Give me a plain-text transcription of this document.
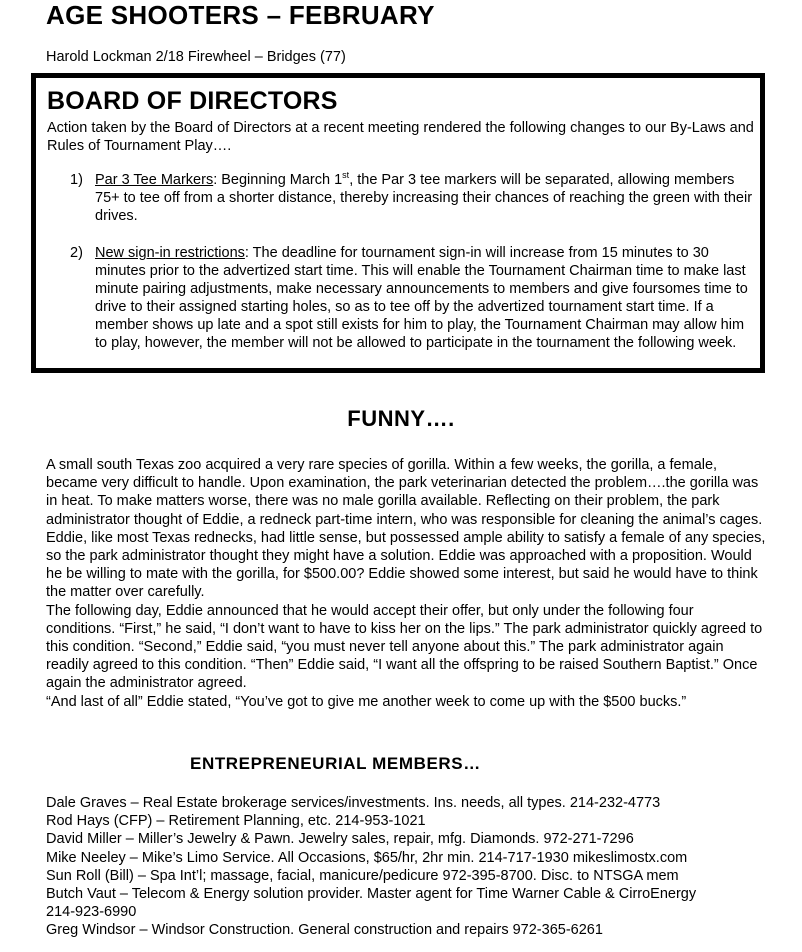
AGE SHOOTERS – FEBRUARY
Harold Lockman 2/18 Firewheel – Bridges (77)
BOARD OF DIRECTORS
Action taken by the Board of Directors at a recent meeting rendered the following changes to our By-Laws and Rules of Tournament Play….
1) Par 3 Tee Markers: Beginning March 1st, the Par 3 tee markers will be separated, allowing members 75+ to tee off from a shorter distance, thereby increasing their chances of reaching the green with their drives.
2) New sign-in restrictions: The deadline for tournament sign-in will increase from 15 minutes to 30 minutes prior to the advertized start time. This will enable the Tournament Chairman time to make last minute pairing adjustments, make necessary announcements to members and give foursomes time to drive to their assigned starting holes, so as to tee off by the advertized tournament start time. If a member shows up late and a spot still exists for him to play, the Tournament Chairman may allow him to play, however, the member will not be allowed to participate in the tournament the following week.
FUNNY….

A small south Texas zoo acquired a very rare species of gorilla. Within a few weeks, the gorilla, a female, became very difficult to handle. Upon examination, the park veterinarian detected the problem….the gorilla was in heat. To make matters worse, there was no male gorilla available. Reflecting on their problem, the park administrator thought of Eddie, a redneck part-time intern, who was responsible for cleaning the animal’s cages. Eddie, like most Texas rednecks, had little sense, but possessed ample ability to satisfy a female of any species, so the park administrator thought they might have a solution. Eddie was approached with a proposition. Would he be willing to mate with the gorilla, for $500.00? Eddie showed some interest, but said he would have to think the matter over carefully.

The following day, Eddie announced that he would accept their offer, but only under the following four conditions. “First,” he said, “I don’t want to have to kiss her on the lips.” The park administrator quickly agreed to this condition. “Second,” Eddie said, “you must never tell anyone about this.” The park administrator again readily agreed to this condition. “Then” Eddie said, “I want all the offspring to be raised Southern Baptist.” Once again the administrator agreed.

“And last of all” Eddie stated, “You’ve got to give me another week to come up with the $500 bucks.”

ENTREPRENEURIAL MEMBERS…
Dale Graves – Real Estate brokerage services/investments. Ins. needs, all types. 214-232-4773
Rod Hays (CFP) – Retirement Planning, etc. 214-953-1021
David Miller – Miller’s Jewelry & Pawn. Jewelry sales, repair, mfg. Diamonds. 972-271-7296
Mike Neeley – Mike’s Limo Service. All Occasions, $65/hr, 2hr min. 214-717-1930 mikeslimostx.com
Sun Roll (Bill) – Spa Int’l; massage, facial, manicure/pedicure 972-395-8700. Disc. to NTSGA mem
Butch Vaut – Telecom & Energy solution provider. Master agent for Time Warner Cable & CirroEnergy 214-923-6990
Greg Windsor – Windsor Construction. General construction and repairs 972-365-6261
